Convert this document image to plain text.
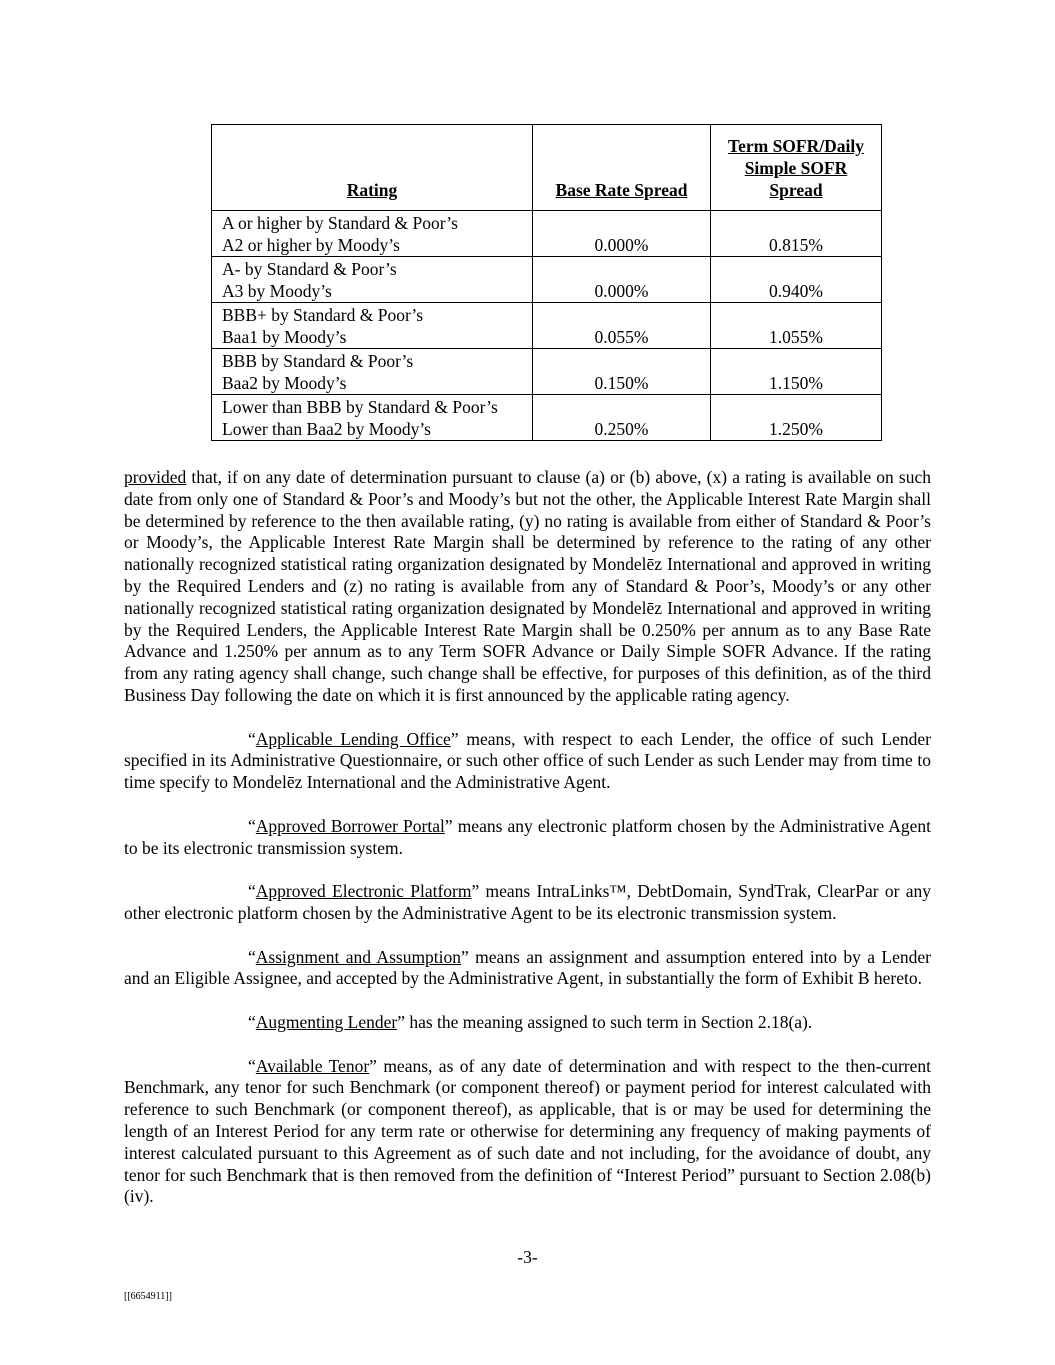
Rating	Base Rate Spread	Term SOFR/Daily Simple SOFR Spread

A or higher by Standard & Poor’s
A2 or higher by Moody’s	0.000%	0.815%

A- by Standard & Poor’s
A3 by Moody’s	0.000%	0.940%

BBB+ by Standard & Poor’s
Baa1 by Moody’s	0.055%	1.055%

BBB by Standard & Poor’s
Baa2 by Moody’s	0.150%	1.150%

Lower than BBB by Standard & Poor’s
Lower than Baa2 by Moody’s	0.250%	1.250%

provided that, if on any date of determination pursuant to clause (a) or (b) above, (x) a rating is available on such date from only one of Standard & Poor’s and Moody’s but not the other, the Applicable Interest Rate Margin shall be determined by reference to the then available rating, (y) no rating is available from either of Standard & Poor’s or Moody’s, the Applicable Interest Rate Margin shall be determined by reference to the rating of any other nationally recognized statistical rating organization designated by Mondelēz International and approved in writing by the Required Lenders and (z) no rating is available from any of Standard & Poor’s, Moody’s or any other nationally recognized statistical rating organization designated by Mondelēz International and approved in writing by the Required Lenders, the Applicable Interest Rate Margin shall be 0.250% per annum as to any Base Rate Advance and 1.250% per annum as to any Term SOFR Advance or Daily Simple SOFR Advance. If the rating from any rating agency shall change, such change shall be effective, for purposes of this definition, as of the third Business Day following the date on which it is first announced by the applicable rating agency.

“Applicable Lending Office” means, with respect to each Lender, the office of such Lender specified in its Administrative Questionnaire, or such other office of such Lender as such Lender may from time to time specify to Mondelēz International and the Administrative Agent.

“Approved Borrower Portal” means any electronic platform chosen by the Administrative Agent to be its electronic transmission system.

“Approved Electronic Platform” means IntraLinks™, DebtDomain, SyndTrak, ClearPar or any other electronic platform chosen by the Administrative Agent to be its electronic transmission system.

“Assignment and Assumption” means an assignment and assumption entered into by a Lender and an Eligible Assignee, and accepted by the Administrative Agent, in substantially the form of Exhibit B hereto.

“Augmenting Lender” has the meaning assigned to such term in Section 2.18(a).

“Available Tenor” means, as of any date of determination and with respect to the then-current Benchmark, any tenor for such Benchmark (or component thereof) or payment period for interest calculated with reference to such Benchmark (or component thereof), as applicable, that is or may be used for determining the length of an Interest Period for any term rate or otherwise for determining any frequency of making payments of interest calculated pursuant to this Agreement as of such date and not including, for the avoidance of doubt, any tenor for such Benchmark that is then removed from the definition of “Interest Period” pursuant to Section 2.08(b)(iv).

-3-
[[6654911]]
